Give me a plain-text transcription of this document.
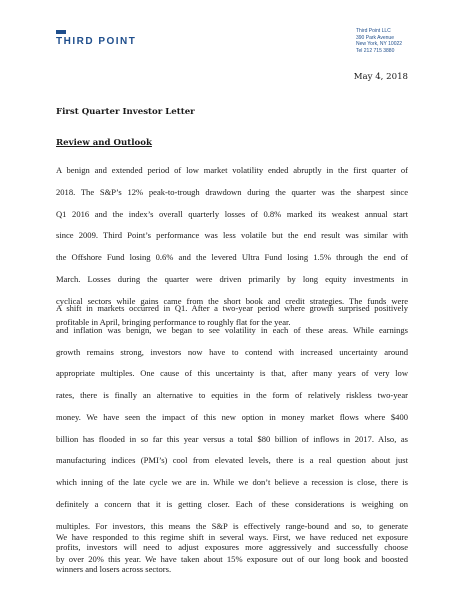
THIRD POINT
Third Point LLC
390 Park Avenue
New York, NY 10022
Tel 212 715 3880
May 4, 2018
First Quarter Investor Letter
Review and Outlook
A benign and extended period of low market volatility ended abruptly in the first quarter of
2018. The S&P’s 12% peak-to-trough drawdown during the quarter was the sharpest since
Q1 2016 and the index’s overall quarterly losses of 0.8% marked its weakest annual start
since 2009. Third Point’s performance was less volatile but the end result was similar with
the Offshore Fund losing 0.6% and the levered Ultra Fund losing 1.5% through the end of
March. Losses during the quarter were driven primarily by long equity investments in
cyclical sectors while gains came from the short book and credit strategies. The funds were
profitable in April, bringing performance to roughly flat for the year.
A shift in markets occurred in Q1. After a two-year period where growth surprised positively
and inflation was benign, we began to see volatility in each of these areas. While earnings
growth remains strong, investors now have to contend with increased uncertainty around
appropriate multiples. One cause of this uncertainty is that, after many years of very low
rates, there is finally an alternative to equities in the form of relatively riskless two-year
money. We have seen the impact of this new option in money market flows where $400
billion has flooded in so far this year versus a total $80 billion of inflows in 2017. Also, as
manufacturing indices (PMI’s) cool from elevated levels, there is a real question about just
which inning of the late cycle we are in. While we don’t believe a recession is close, there is
definitely a concern that it is getting closer. Each of these considerations is weighing on
multiples. For investors, this means the S&P is effectively range-bound and so, to generate
profits, investors will need to adjust exposures more aggressively and successfully choose
winners and losers across sectors.
We have responded to this regime shift in several ways. First, we have reduced net exposure
by over 20% this year. We have taken about 15% exposure out of our long book and boosted
